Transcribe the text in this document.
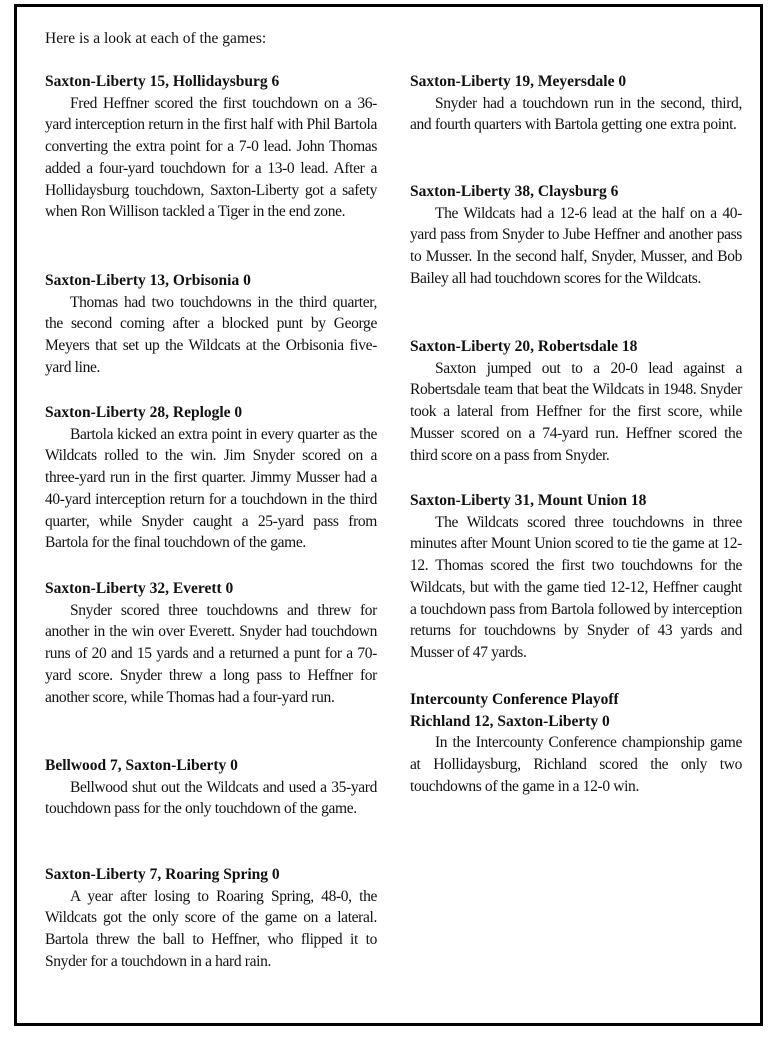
Here is a look at each of the games:

Saxton-Liberty 15, Hollidaysburg 6

Fred Heffner scored the first touchdown on a 36-yard interception return in the first half with Phil Bartola converting the extra point for a 7-0 lead. John Thomas added a four-yard touchdown for a 13-0 lead. After a Hollidaysburg touchdown, Saxton-Liberty got a safety when Ron Willison tackled a Tiger in the end zone.

Saxton-Liberty 13, Orbisonia 0

Thomas had two touchdowns in the third quarter, the second coming after a blocked punt by George Meyers that set up the Wildcats at the Orbisonia five-yard line.

Saxton-Liberty 28, Replogle 0

Bartola kicked an extra point in every quarter as the Wildcats rolled to the win. Jim Snyder scored on a three-yard run in the first quarter. Jimmy Musser had a 40-yard interception return for a touchdown in the third quarter, while Snyder caught a 25-yard pass from Bartola for the final touchdown of the game.

Saxton-Liberty 32, Everett 0

Snyder scored three touchdowns and threw for another in the win over Everett. Snyder had touchdown runs of 20 and 15 yards and a returned a punt for a 70-yard score. Snyder threw a long pass to Heffner for another score, while Thomas had a four-yard run.

Bellwood 7, Saxton-Liberty 0

Bellwood shut out the Wildcats and used a 35-yard touchdown pass for the only touchdown of the game.

Saxton-Liberty 7, Roaring Spring 0

A year after losing to Roaring Spring, 48-0, the Wildcats got the only score of the game on a lateral. Bartola threw the ball to Heffner, who flipped it to Snyder for a touchdown in a hard rain.

Saxton-Liberty 19, Meyersdale 0

Snyder had a touchdown run in the second, third, and fourth quarters with Bartola getting one extra point.

Saxton-Liberty 38, Claysburg 6

The Wildcats had a 12-6 lead at the half on a 40-yard pass from Snyder to Jube Heffner and another pass to Musser. In the second half, Snyder, Musser, and Bob Bailey all had touchdown scores for the Wildcats.

Saxton-Liberty 20, Robertsdale 18

Saxton jumped out to a 20-0 lead against a Robertsdale team that beat the Wildcats in 1948. Snyder took a lateral from Heffner for the first score, while Musser scored on a 74-yard run. Heffner scored the third score on a pass from Snyder.

Saxton-Liberty 31, Mount Union 18

The Wildcats scored three touchdowns in three minutes after Mount Union scored to tie the game at 12-12. Thomas scored the first two touchdowns for the Wildcats, but with the game tied 12-12, Heffner caught a touchdown pass from Bartola followed by interception returns for touchdowns by Snyder of 43 yards and Musser of 47 yards.

Intercounty Conference Playoff
Richland 12, Saxton-Liberty 0

In the Intercounty Conference championship game at Hollidaysburg, Richland scored the only two touchdowns of the game in a 12-0 win.
